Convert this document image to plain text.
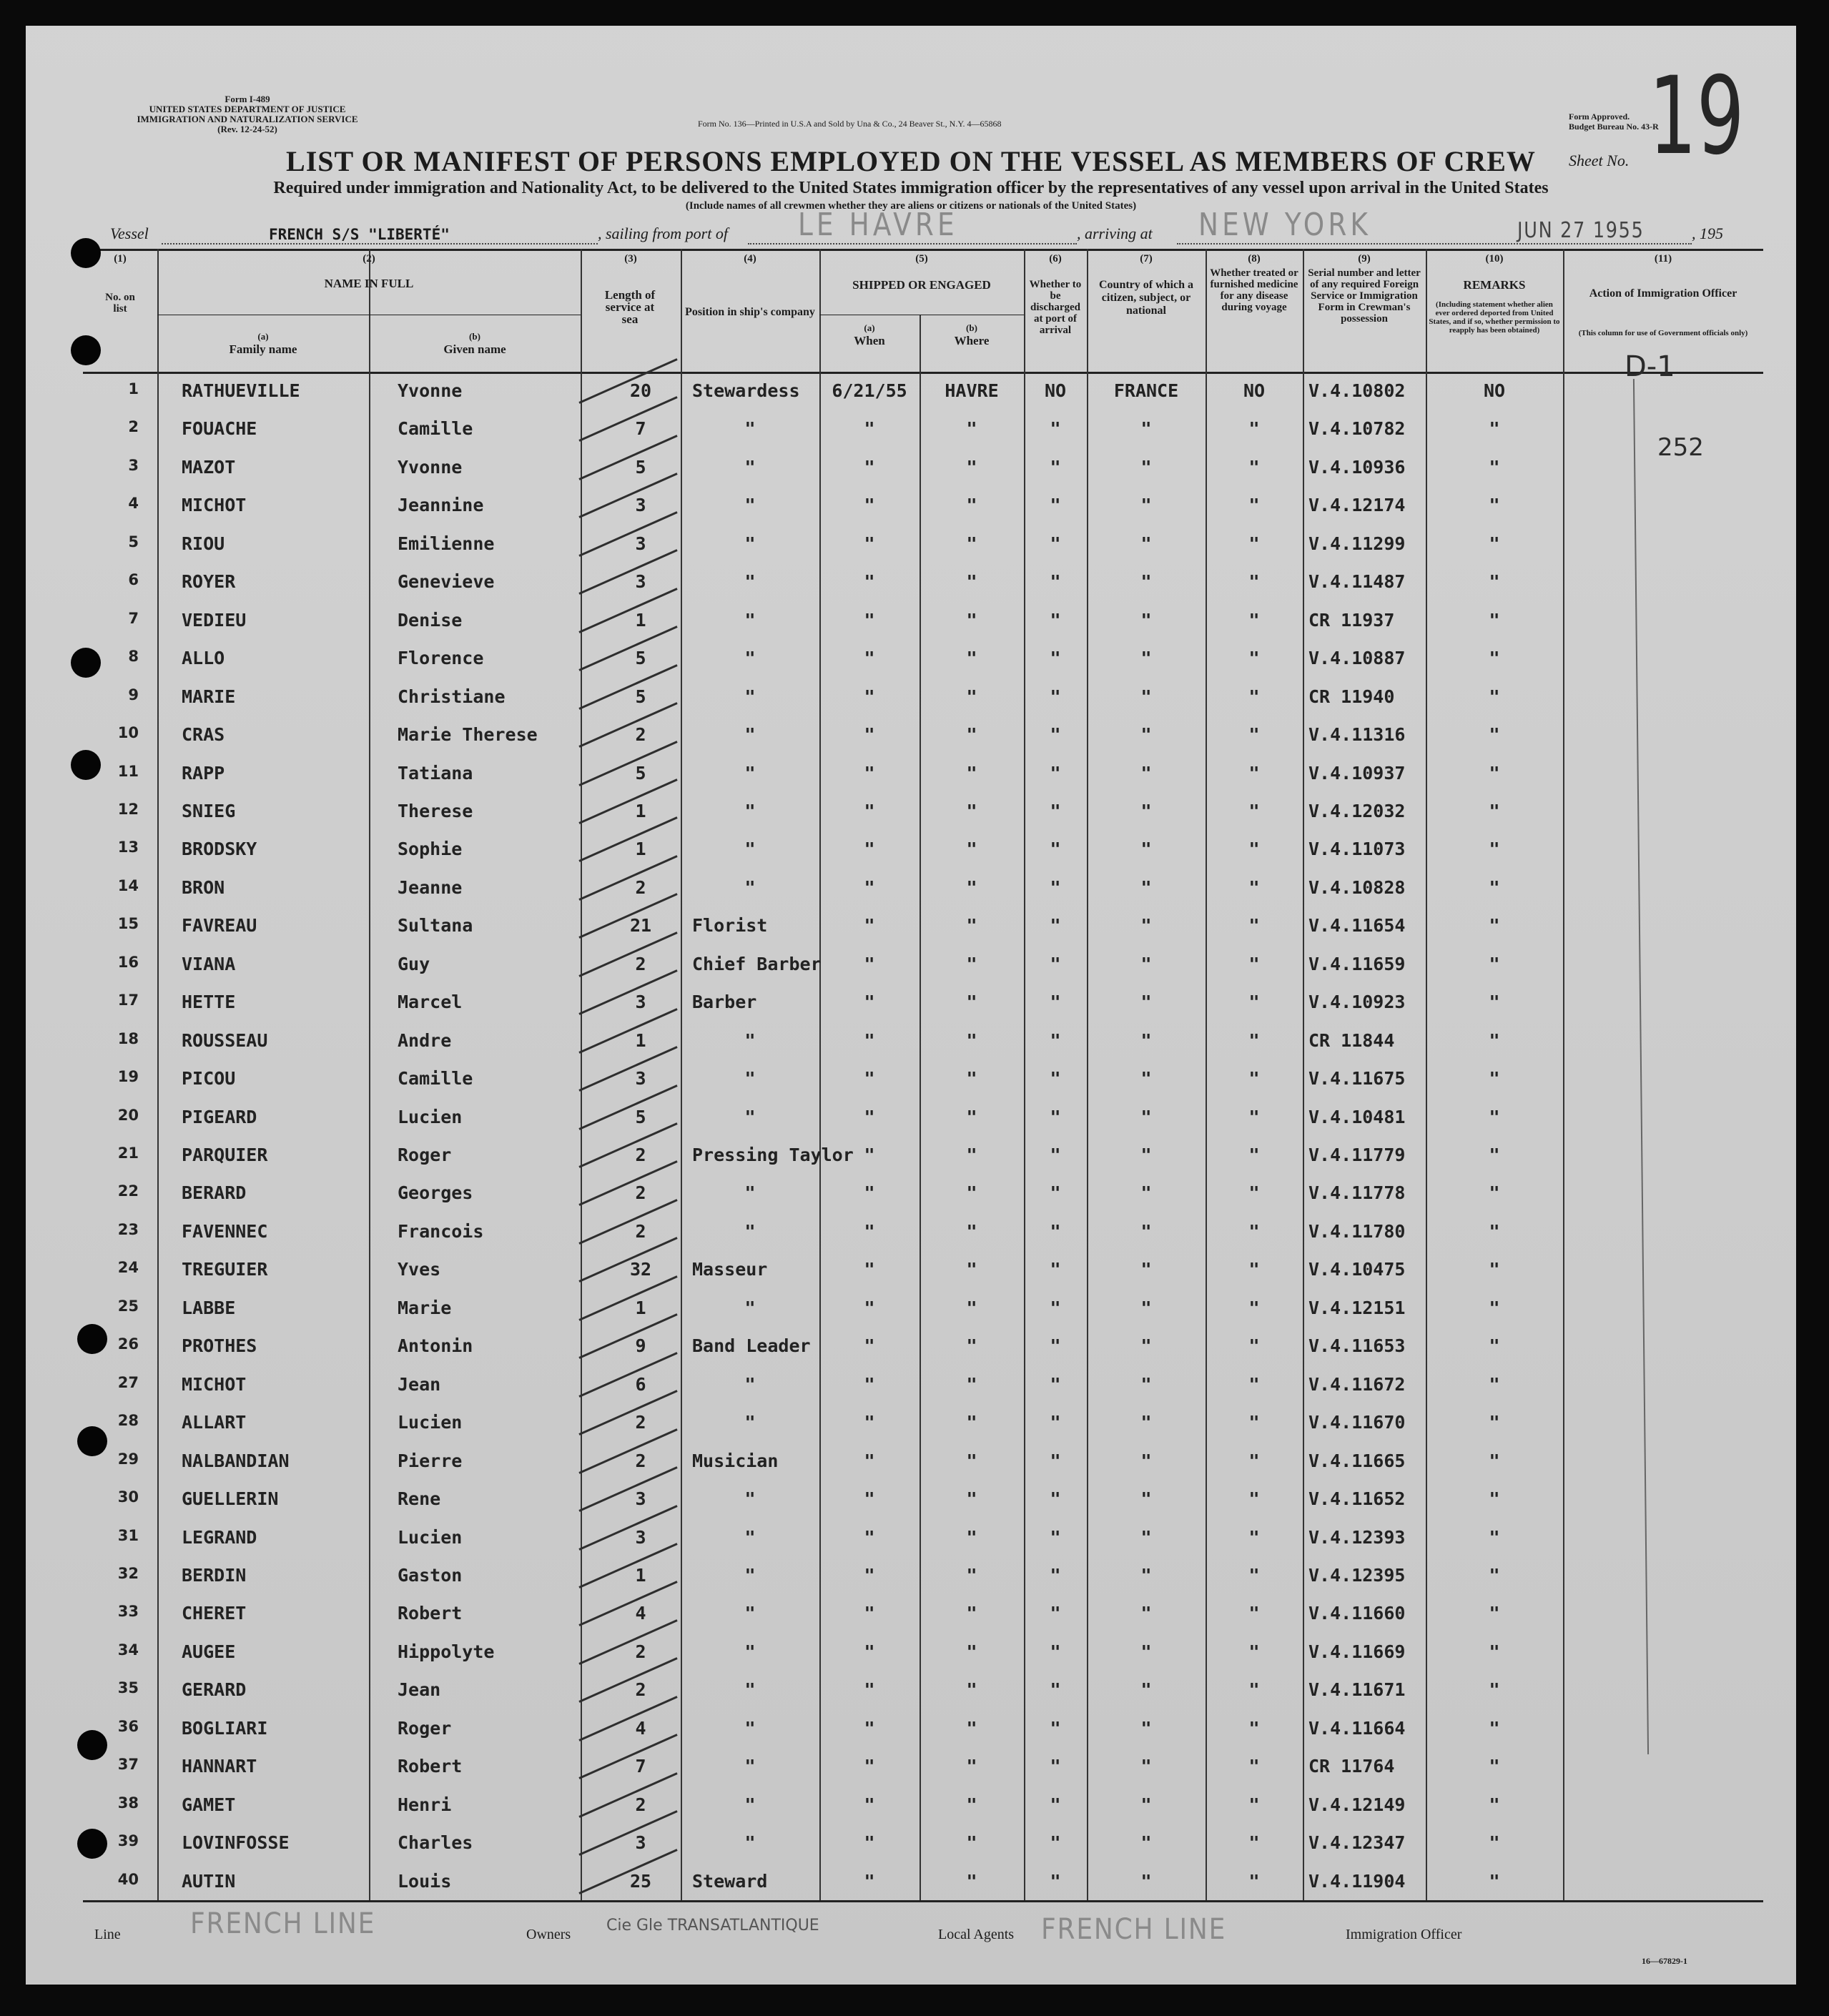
Form I-489
UNITED STATES DEPARTMENT OF JUSTICE
IMMIGRATION AND NATURALIZATION SERVICE
(Rev. 12-24-52)	Form No. 136—Printed in U.S.A and Sold by Una & Co., 24 Beaver St., N.Y. 4—65868
Form Approved.
Budget Bureau No. 43-R
Sheet No. 19
LIST OR MANIFEST OF PERSONS EMPLOYED ON THE VESSEL AS MEMBERS OF CREW
Required under immigration and Nationality Act, to be delivered to the United States immigration officer by the representatives of any vessel upon arrival in the United States
(Include names of all crewmen whether they are aliens or citizens or nationals of the United States)
Vessel	FRENCH S/S "LIBERTÉ"	, sailing from port of LE HAVRE	, arriving at NEW YORK	JUN 27 1955	, 195
(1)	(2)	(3)	(4)	(5)	(6)	(7)	(8)	(9)	(10)	(11)
No. on list
NAME IN FULL
(a)
Family name
(b)
Given name
Length of service at sea
Position in ship's company
SHIPPED OR ENGAGED
(a)
When
(b)
Where
Whether to be discharged at port of arrival
Country of which a citizen, subject, or national
Whether treated or furnished medicine for any disease during voyage
Serial number and letter of any required Foreign Service or Immigration Form in Crewman's possession
REMARKS
(Including statement whether alien ever ordered deported from United States, and if so, whether permission to reapply has been obtained)
Action of Immigration Officer
(This column for use of Government officials only)
1 RATHUEVILLE	Yvonne	20	Stewardess	6/21/55	HAVRE	NO	FRANCE	NO	V.4.10802	NO
2 FOUACHE	Camille	7	"	"	"	"	"	"	V.4.10782	"
3 MAZOT	Yvonne	5	"	"	"	"	"	"	V.4.10936	"
4 MICHOT	Jeannine	3	"	"	"	"	"	"	V.4.12174	"
5 RIOU	Emilienne	3	"	"	"	"	"	"	V.4.11299	"
6 ROYER	Genevieve	3	"	"	"	"	"	"	V.4.11487	"
7 VEDIEU	Denise	1	"	"	"	"	"	"	CR 11937	"
8 ALLO	Florence	5	"	"	"	"	"	"	V.4.10887	"
9 MARIE	Christiane	5	"	"	"	"	"	"	CR 11940	"
10 CRAS	Marie Therese	2	"	"	"	"	"	"	V.4.11316	"
11 RAPP	Tatiana	5	"	"	"	"	"	"	V.4.10937	"
12 SNIEG	Therese	1	"	"	"	"	"	"	V.4.12032	"
13 BRODSKY	Sophie	1	"	"	"	"	"	"	V.4.11073	"
14 BRON	Jeanne	2	"	"	"	"	"	"	V.4.10828	"
15 FAVREAU	Sultana	21	Florist	"	"	"	"	"	V.4.11654	"
16 VIANA	Guy	2	Chief Barber	"	"	"	"	"	V.4.11659	"
17 HETTE	Marcel	3	Barber	"	"	"	"	"	V.4.10923	"
18 ROUSSEAU	Andre	1	"	"	"	"	"	"	CR 11844	"
19 PICOU	Camille	3	"	"	"	"	"	"	V.4.11675	"
20 PIGEARD	Lucien	5	"	"	"	"	"	"	V.4.10481	"
21 PARQUIER	Roger	2	Pressing Taylor "	"	"	"	"	V.4.11779	"
22 BERARD	Georges	2	"	"	"	"	"	"	V.4.11778	"
23 FAVENNEC	Francois	2	"	"	"	"	"	"	V.4.11780	"
24 TREGUIER	Yves	32	Masseur	"	"	"	"	"	V.4.10475	"
25 LABBE	Marie	1	"	"	"	"	"	"	V.4.12151	"
26 PROTHES	Antonin	9	Band Leader	"	"	"	"	"	V.4.11653	"
27 MICHOT	Jean	6	"	"	"	"	"	"	V.4.11672	"
28 ALLART	Lucien	2	"	"	"	"	"	"	V.4.11670	"
29 NALBANDIAN	Pierre	2	Musician	"	"	"	"	"	V.4.11665	"
30 GUELLERIN	Rene	3	"	"	"	"	"	"	V.4.11652	"
31 LEGRAND	Lucien	3	"	"	"	"	"	"	V.4.12393	"
32 BERDIN	Gaston	1	"	"	"	"	"	"	V.4.12395	"
33 CHERET	Robert	4	"	"	"	"	"	"	V.4.11660	"
34 AUGEE	Hippolyte	2	"	"	"	"	"	"	V.4.11669	"
35 GERARD	Jean	2	"	"	"	"	"	"	V.4.11671	"
36 BOGLIARI	Roger	4	"	"	"	"	"	"	V.4.11664	"
37 HANNART	Robert	7	"	"	"	"	"	"	CR 11764	"
38 GAMET	Henri	2	"	"	"	"	"	"	V.4.12149	"
39 LOVINFOSSE	Charles	3	"	"	"	"	"	"	V.4.12347	"
40 AUTIN	Louis	25	Steward	"	"	"	"	"	V.4.11904	"
Line FRENCH LINE	Owners Cie Gle TRANSATLANTIQUE	Local Agents FRENCH LINE	Immigration Officer
16—67829-1
D-1
252
